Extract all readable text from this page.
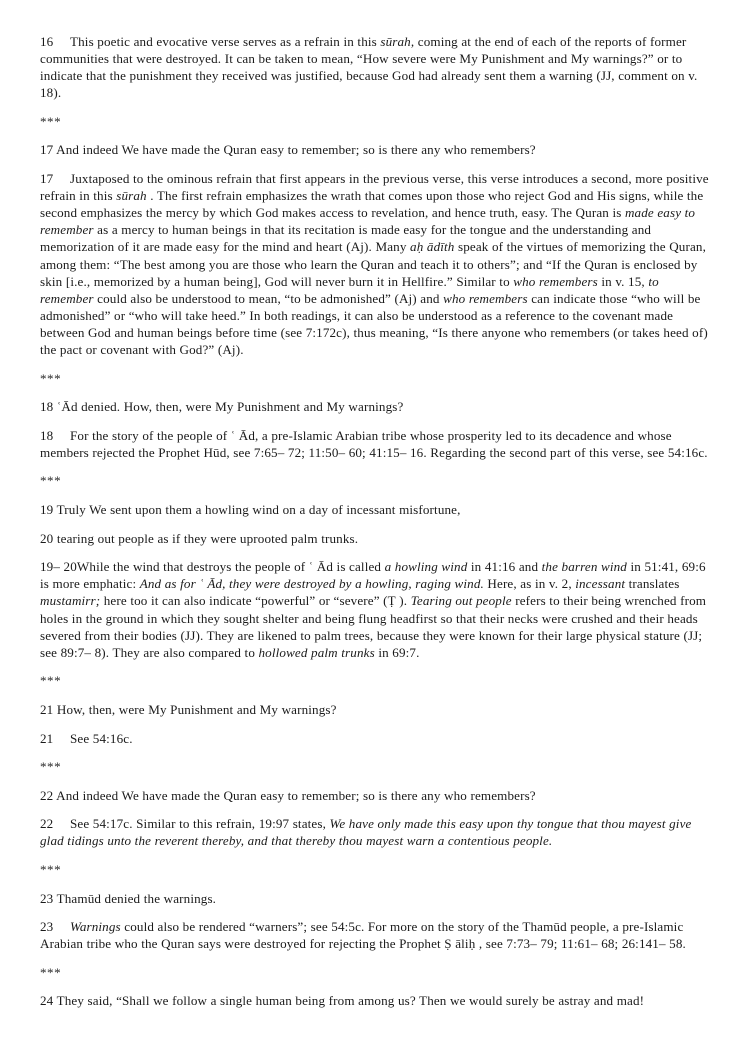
16 This poetic and evocative verse serves as a refrain in this sūrah, coming at the end of each of the reports of former communities that were destroyed. It can be taken to mean, “How severe were My Punishment and My warnings?” or to indicate that the punishment they received was justified, because God had already sent them a warning (JJ, comment on v. 18).

***

17 And indeed We have made the Quran easy to remember; so is there any who remembers?

17 Juxtaposed to the ominous refrain that first appears in the previous verse, this verse introduces a second, more positive refrain in this sūrah . The first refrain emphasizes the wrath that comes upon those who reject God and His signs, while the second emphasizes the mercy by which God makes access to revelation, and hence truth, easy. The Quran is made easy to remember as a mercy to human beings in that its recitation is made easy for the tongue and the understanding and memorization of it are made easy for the mind and heart (Aj). Many aḥ ādīth speak of the virtues of memorizing the Quran, among them: “The best among you are those who learn the Quran and teach it to others”; and “If the Quran is enclosed by skin [i.e., memorized by a human being], God will never burn it in Hellfire.” Similar to who remembers in v. 15, to remember could also be understood to mean, “to be admonished” (Aj) and who remembers can indicate those “who will be admonished” or “who will take heed.” In both readings, it can also be understood as a reference to the covenant made between God and human beings before time (see 7:172c), thus meaning, “Is there anyone who remembers (or takes heed of) the pact or covenant with God?” (Aj).

***

18 ʿĀd denied. How, then, were My Punishment and My warnings?

18 For the story of the people of ʿ Ād, a pre-Islamic Arabian tribe whose prosperity led to its decadence and whose members rejected the Prophet Hūd, see 7:65– 72; 11:50– 60; 41:15– 16. Regarding the second part of this verse, see 54:16c.

***

19 Truly We sent upon them a howling wind on a day of incessant misfortune,

20 tearing out people as if they were uprooted palm trunks.

19– 20While the wind that destroys the people of ʿ Ād is called a howling wind in 41:16 and the barren wind in 51:41, 69:6 is more emphatic: And as for ʿ Ād, they were destroyed by a howling, raging wind. Here, as in v. 2, incessant translates mustamirr; here too it can also indicate “powerful” or “severe” (Ṭ ). Tearing out people refers to their being wrenched from holes in the ground in which they sought shelter and being flung headfirst so that their necks were crushed and their heads severed from their bodies (JJ). They are likened to palm trees, because they were known for their large physical stature (JJ; see 89:7– 8). They are also compared to hollowed palm trunks in 69:7.

***

21 How, then, were My Punishment and My warnings?

21 See 54:16c.

***

22 And indeed We have made the Quran easy to remember; so is there any who remembers?

22 See 54:17c. Similar to this refrain, 19:97 states, We have only made this easy upon thy tongue that thou mayest give glad tidings unto the reverent thereby, and that thereby thou mayest warn a contentious people.

***

23 Thamūd denied the warnings.

23 Warnings could also be rendered “warners”; see 54:5c. For more on the story of the Thamūd people, a pre-Islamic Arabian tribe who the Quran says were destroyed for rejecting the Prophet Ṣ āliḥ , see 7:73– 79; 11:61– 68; 26:141– 58.

***

24 They said, “Shall we follow a single human being from among us? Then we would surely be astray and mad!
